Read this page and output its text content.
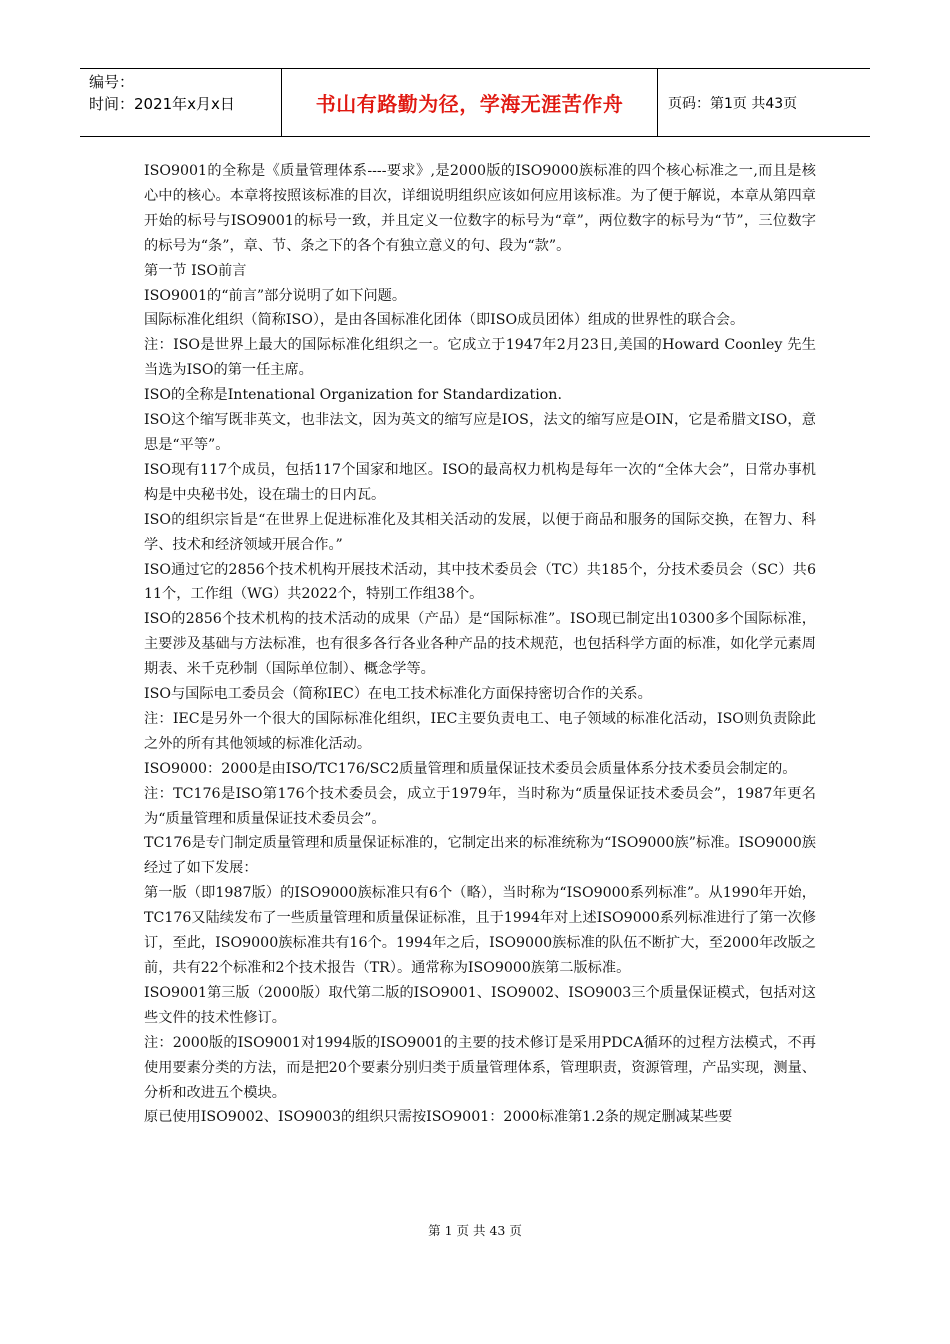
编号：
时间：2021年x月x日	书山有路勤为径，学海无涯苦作舟	页码：第1页 共43页

ISO9001的全称是《质量管理体系----要求》,是2000版的ISO9000族标准的四个核心标准之一,而且是核心中的核心。本章将按照该标准的目次，详细说明组织应该如何应用该标准。为了便于解说，本章从第四章开始的标号与ISO9001的标号一致，并且定义一位数字的标号为“章”，两位数字的标号为“节”，三位数字的标号为“条”，章、节、条之下的各个有独立意义的句、段为“款”。

第一节 ISO前言

ISO9001的“前言”部分说明了如下问题。

国际标准化组织（简称ISO），是由各国标准化团体（即ISO成员团体）组成的世界性的联合会。

注：ISO是世界上最大的国际标准化组织之一。它成立于1947年2月23日,美国的Howard Coonley 先生当选为ISO的第一任主席。

ISO的全称是Intenational Organization for Standardization.

ISO这个缩写既非英文，也非法文，因为英文的缩写应是IOS，法文的缩写应是OIN，它是希腊文ISO，意思是“平等”。

ISO现有117个成员，包括117个国家和地区。ISO的最高权力机构是每年一次的“全体大会”，日常办事机构是中央秘书处，设在瑞士的日内瓦。

ISO的组织宗旨是“在世界上促进标准化及其相关活动的发展，以便于商品和服务的国际交换，在智力、科学、技术和经济领域开展合作。”

ISO通过它的2856个技术机构开展技术活动，其中技术委员会（TC）共185个，分技术委员会（SC）共611个，工作组（WG）共2022个，特别工作组38个。

ISO的2856个技术机构的技术活动的成果（产品）是“国际标准”。ISO现已制定出10300多个国际标准，主要涉及基础与方法标准，也有很多各行各业各种产品的技术规范，也包括科学方面的标准，如化学元素周期表、米千克秒制（国际单位制）、概念学等。

ISO与国际电工委员会（简称IEC）在电工技术标准化方面保持密切合作的关系。

注：IEC是另外一个很大的国际标准化组织，IEC主要负责电工、电子领域的标准化活动，ISO则负责除此之外的所有其他领域的标准化活动。

ISO9000：2000是由ISO/TC176/SC2质量管理和质量保证技术委员会质量体系分技术委员会制定的。

注：TC176是ISO第176个技术委员会，成立于1979年，当时称为“质量保证技术委员会”，1987年更名为“质量管理和质量保证技术委员会”。

TC176是专门制定质量管理和质量保证标准的，它制定出来的标准统称为“ISO9000族”标准。ISO9000族经过了如下发展：

第一版（即1987版）的ISO9000族标准只有6个（略），当时称为“ISO9000系列标准”。从1990年开始，TC176又陆续发布了一些质量管理和质量保证标准，且于1994年对上述ISO9000系列标准进行了第一次修订，至此，ISO9000族标准共有16个。1994年之后，ISO9000族标准的队伍不断扩大，至2000年改版之前，共有22个标准和2个技术报告（TR）。通常称为ISO9000族第二版标准。

ISO9001第三版（2000版）取代第二版的ISO9001、ISO9002、ISO9003三个质量保证模式，包括对这些文件的技术性修订。

注：2000版的ISO9001对1994版的ISO9001的主要的技术修订是采用PDCA循环的过程方法模式，不再使用要素分类的方法，而是把20个要素分别归类于质量管理体系，管理职责，资源管理，产品实现，测量、分析和改进五个模块。

原已使用ISO9002、ISO9003的组织只需按ISO9001：2000标准第1.2条的规定删减某些要

第 1 页 共 43 页
